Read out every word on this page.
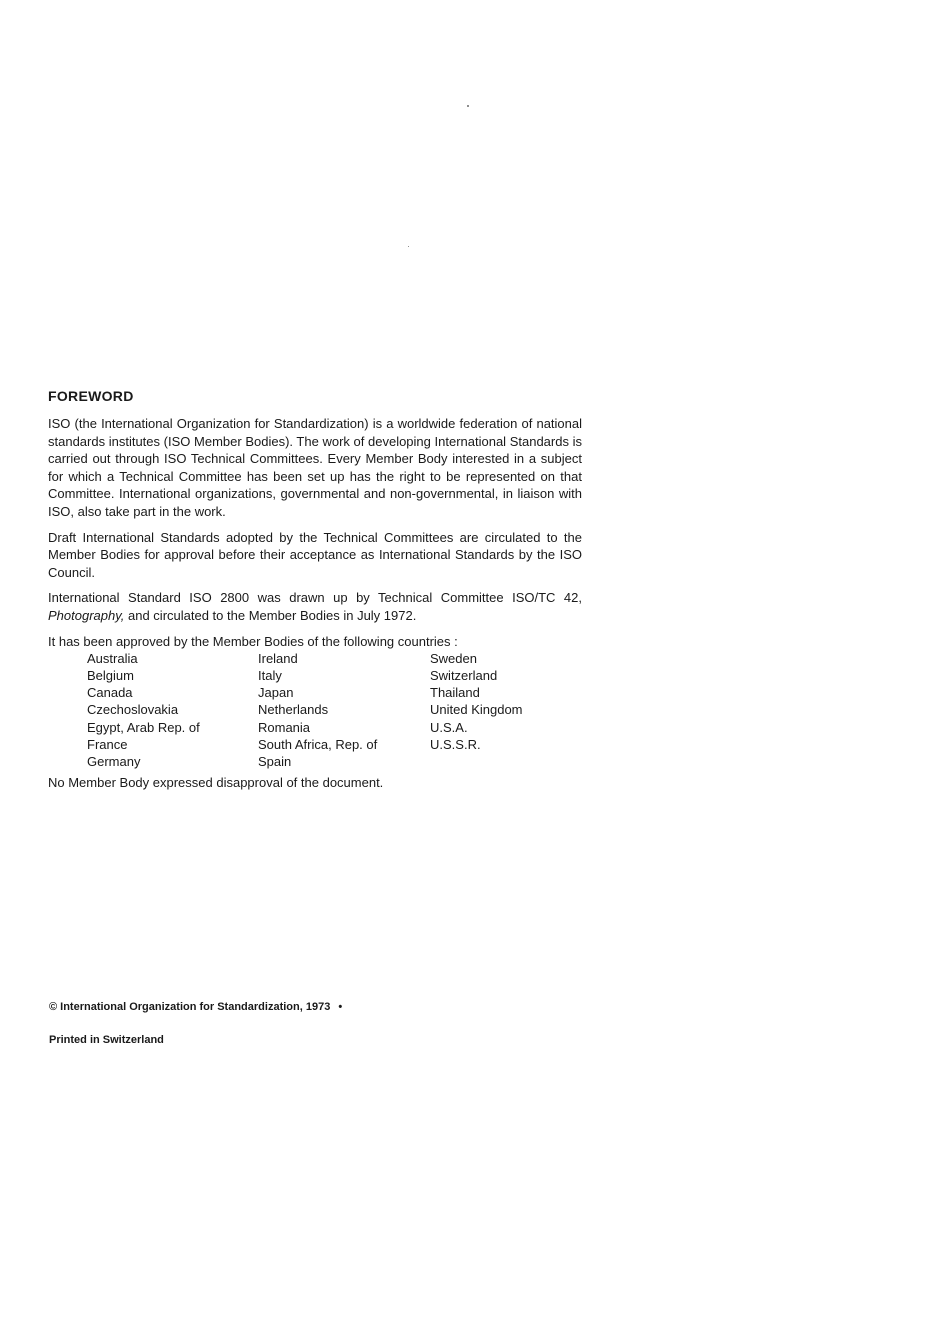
FOREWORD

ISO (the International Organization for Standardization) is a worldwide federation of national standards institutes (ISO Member Bodies). The work of developing International Standards is carried out through ISO Technical Committees. Every Member Body interested in a subject for which a Technical Committee has been set up has the right to be represented on that Committee. International organizations, governmental and non-governmental, in liaison with ISO, also take part in the work.

Draft International Standards adopted by the Technical Committees are circulated to the Member Bodies for approval before their acceptance as International Standards by the ISO Council.

International Standard ISO 2800 was drawn up by Technical Committee ISO/TC 42, Photography, and circulated to the Member Bodies in July 1972.

It has been approved by the Member Bodies of the following countries :

Australia	Ireland	Sweden
Belgium	Italy	Switzerland
Canada	Japan	Thailand
Czechoslovakia	Netherlands	United Kingdom
Egypt, Arab Rep. of	Romania	U.S.A.
France	South Africa, Rep. of	U.S.S.R.
Germany	Spain

No Member Body expressed disapproval of the document.

© International Organization for Standardization, 1973 •
Printed in Switzerland
